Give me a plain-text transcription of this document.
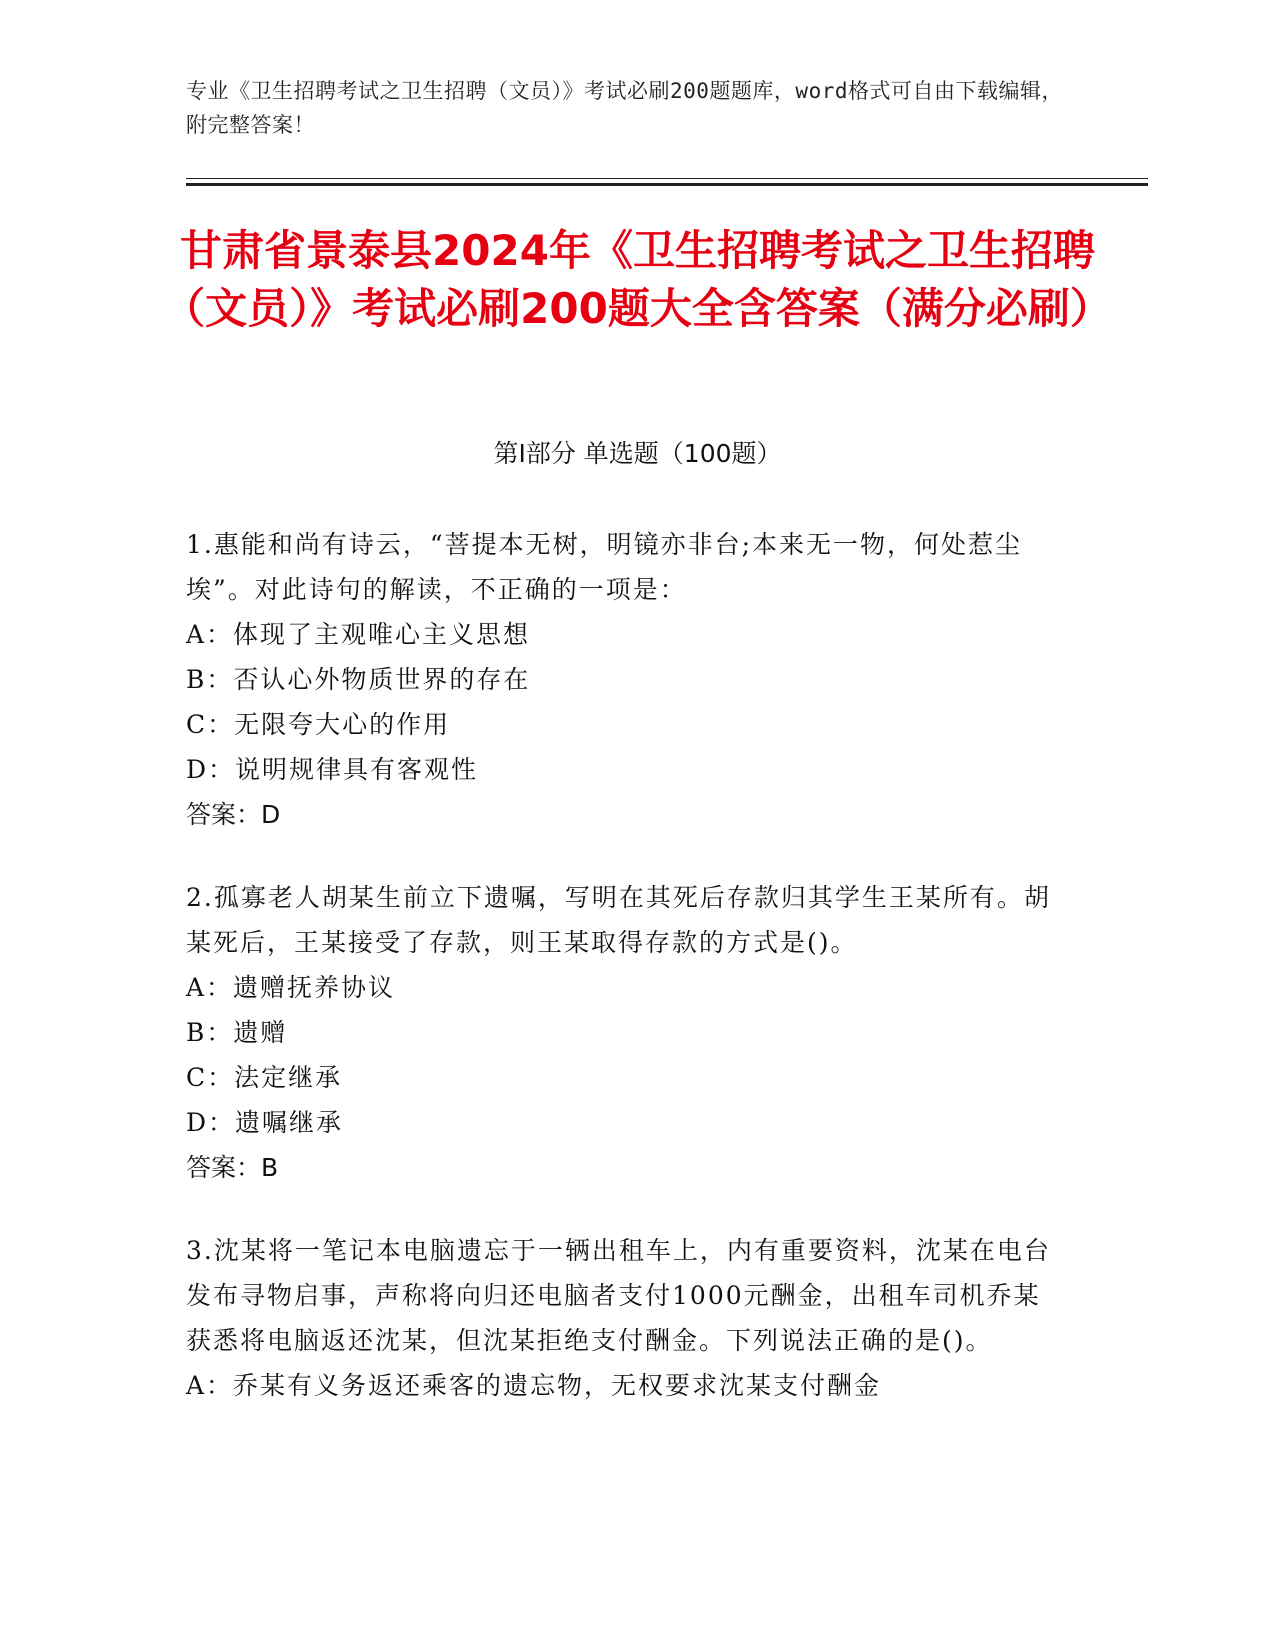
专业《卫生招聘考试之卫生招聘（文员）》考试必刷200题题库，word格式可自由下载编辑，附完整答案！
甘肃省景泰县2024年《卫生招聘考试之卫生招聘（文员）》考试必刷200题大全含答案（满分必刷）
第I部分 单选题（100题）
1.惠能和尚有诗云，“菩提本无树，明镜亦非台;本来无一物，何处惹尘埃”。对此诗句的解读，不正确的一项是：
A：体现了主观唯心主义思想
B：否认心外物质世界的存在
C：无限夸大心的作用
D：说明规律具有客观性
答案：D
2.孤寡老人胡某生前立下遗嘱，写明在其死后存款归其学生王某所有。胡某死后，王某接受了存款，则王某取得存款的方式是()。
A：遗赠抚养协议
B：遗赠
C：法定继承
D：遗嘱继承
答案：B
3.沈某将一笔记本电脑遗忘于一辆出租车上，内有重要资料，沈某在电台发布寻物启事，声称将向归还电脑者支付1000元酬金，出租车司机乔某获悉将电脑返还沈某，但沈某拒绝支付酬金。下列说法正确的是()。
A：乔某有义务返还乘客的遗忘物，无权要求沈某支付酬金
